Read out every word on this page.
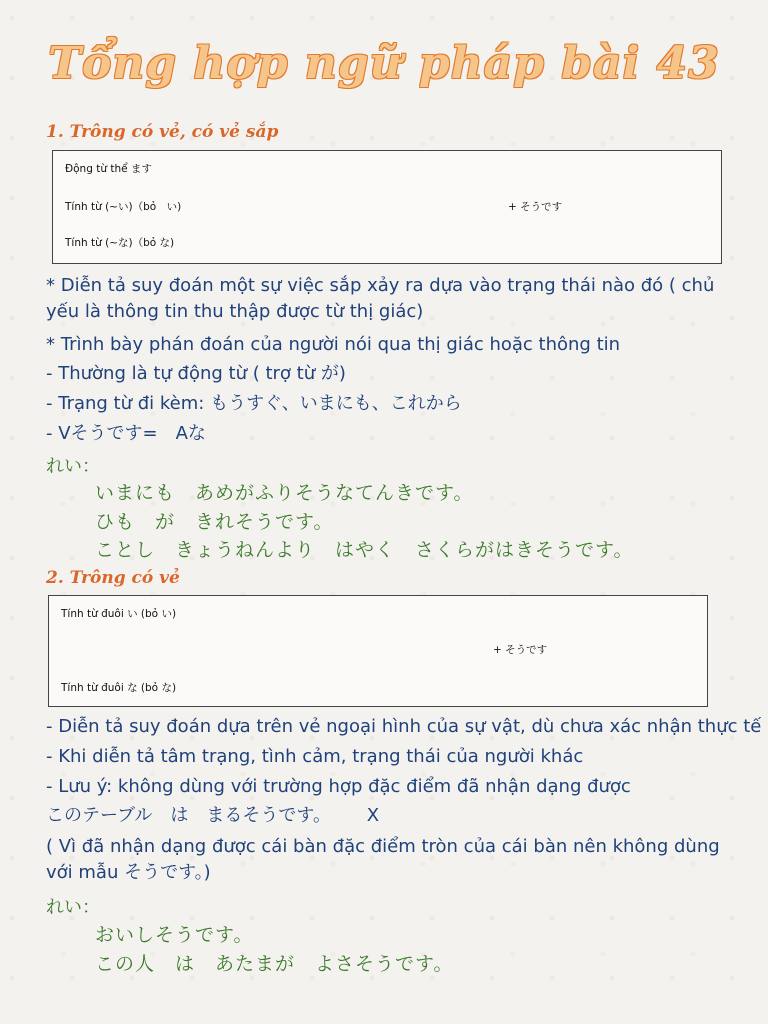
Tổng hợp ngữ pháp bài 43
1. Trông có vẻ, có vẻ sắp
Động từ thể ます
Tính từ (~い)（bỏ　い)
Tính từ (~な)（bỏ な)
+ そうです
* Diễn tả suy đoán một sự việc sắp xảy ra dựa vào trạng thái nào đó ( chủ yếu là thông tin thu thập được từ thị giác)
* Trình bày phán đoán của người nói qua thị giác hoặc thông tin
- Thường là tự động từ ( trợ từ が)
- Trạng từ đi kèm: もうすぐ、いまにも、これから
- Vそうです=　Aな
れい：
いまにも　あめがふりそうなてんきです。
ひも　が　きれそうです。
ことし　きょうねんより　はやく　さくらがはきそうです。
2. Trông có vẻ
Tính từ đuôi い (bỏ い)
Tính từ đuôi な (bỏ な)
+ そうです
- Diễn tả suy đoán dựa trên vẻ ngoại hình của sự vật, dù chưa xác nhận thực tế
- Khi diễn tả tâm trạng, tình cảm, trạng thái của người khác
- Lưu ý: không dùng với trường hợp đặc điểm đã nhận dạng được
このテーブル　は　まるそうです。 X
( Vì đã nhận dạng được cái bàn đặc điểm tròn của cái bàn nên không dùng với mẫu そうです。)
れい：
おいしそうです。
この人　は　あたまが　よさそうです。
